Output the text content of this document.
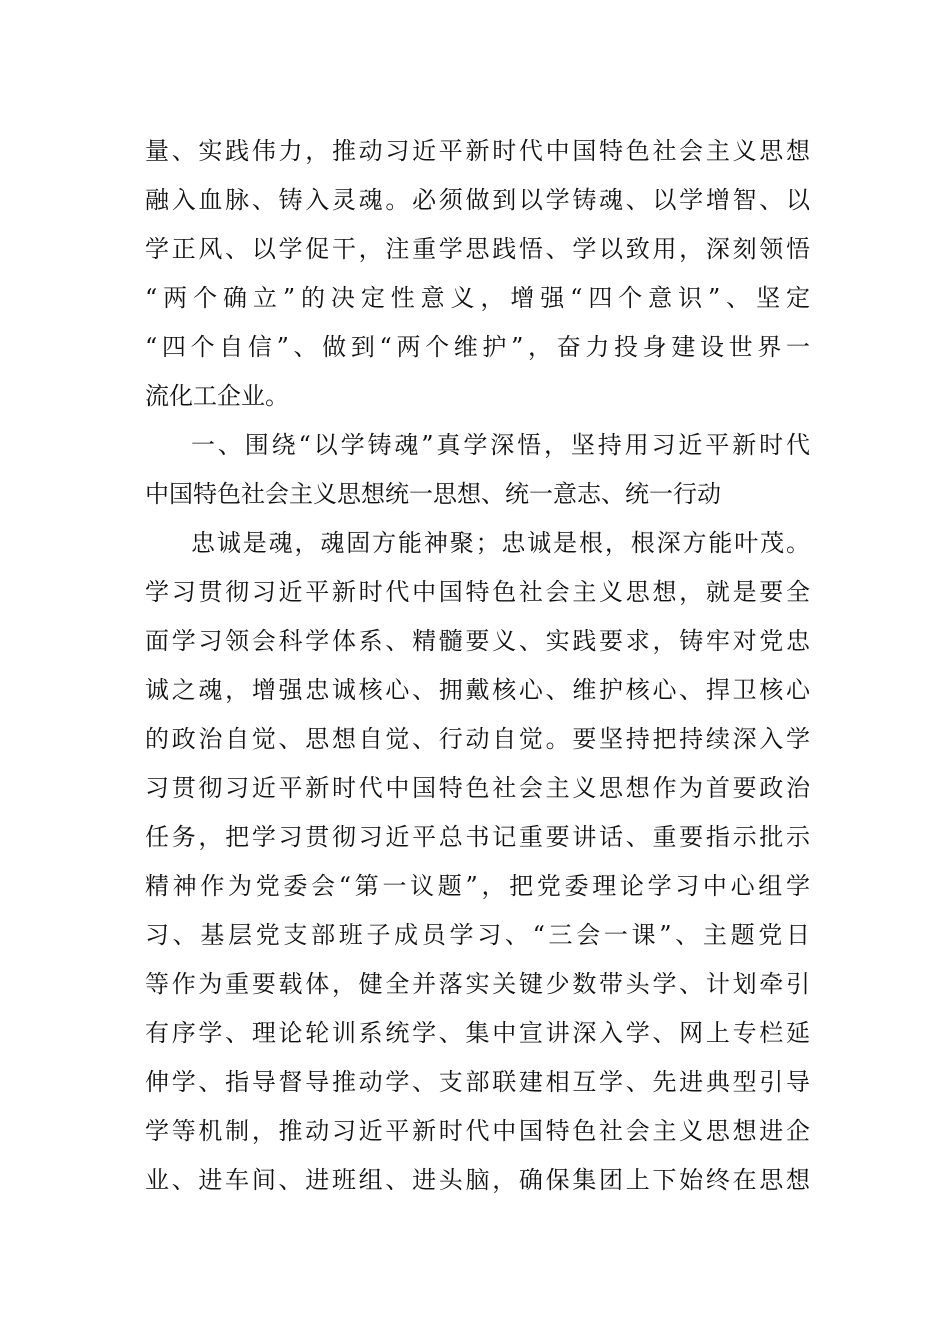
量、实践伟力，推动习近平新时代中国特色社会主义思想
融入血脉、铸入灵魂。必须做到以学铸魂、以学增智、以
学正风、以学促干，注重学思践悟、学以致用，深刻领悟
“两个确立”的决定性意义，增强“四个意识”、坚定
“四个自信”、做到“两个维护”，奋力投身建设世界一
流化工企业。
一、围绕“以学铸魂”真学深悟，坚持用习近平新时代
中国特色社会主义思想统一思想、统一意志、统一行动
忠诚是魂，魂固方能神聚；忠诚是根，根深方能叶茂。
学习贯彻习近平新时代中国特色社会主义思想，就是要全
面学习领会科学体系、精髓要义、实践要求，铸牢对党忠
诚之魂，增强忠诚核心、拥戴核心、维护核心、捍卫核心
的政治自觉、思想自觉、行动自觉。要坚持把持续深入学
习贯彻习近平新时代中国特色社会主义思想作为首要政治
任务，把学习贯彻习近平总书记重要讲话、重要指示批示
精神作为党委会“第一议题”，把党委理论学习中心组学
习、基层党支部班子成员学习、“三会一课”、主题党日
等作为重要载体，健全并落实关键少数带头学、计划牵引
有序学、理论轮训系统学、集中宣讲深入学、网上专栏延
伸学、指导督导推动学、支部联建相互学、先进典型引导
学等机制，推动习近平新时代中国特色社会主义思想进企
业、进车间、进班组、进头脑，确保集团上下始终在思想
